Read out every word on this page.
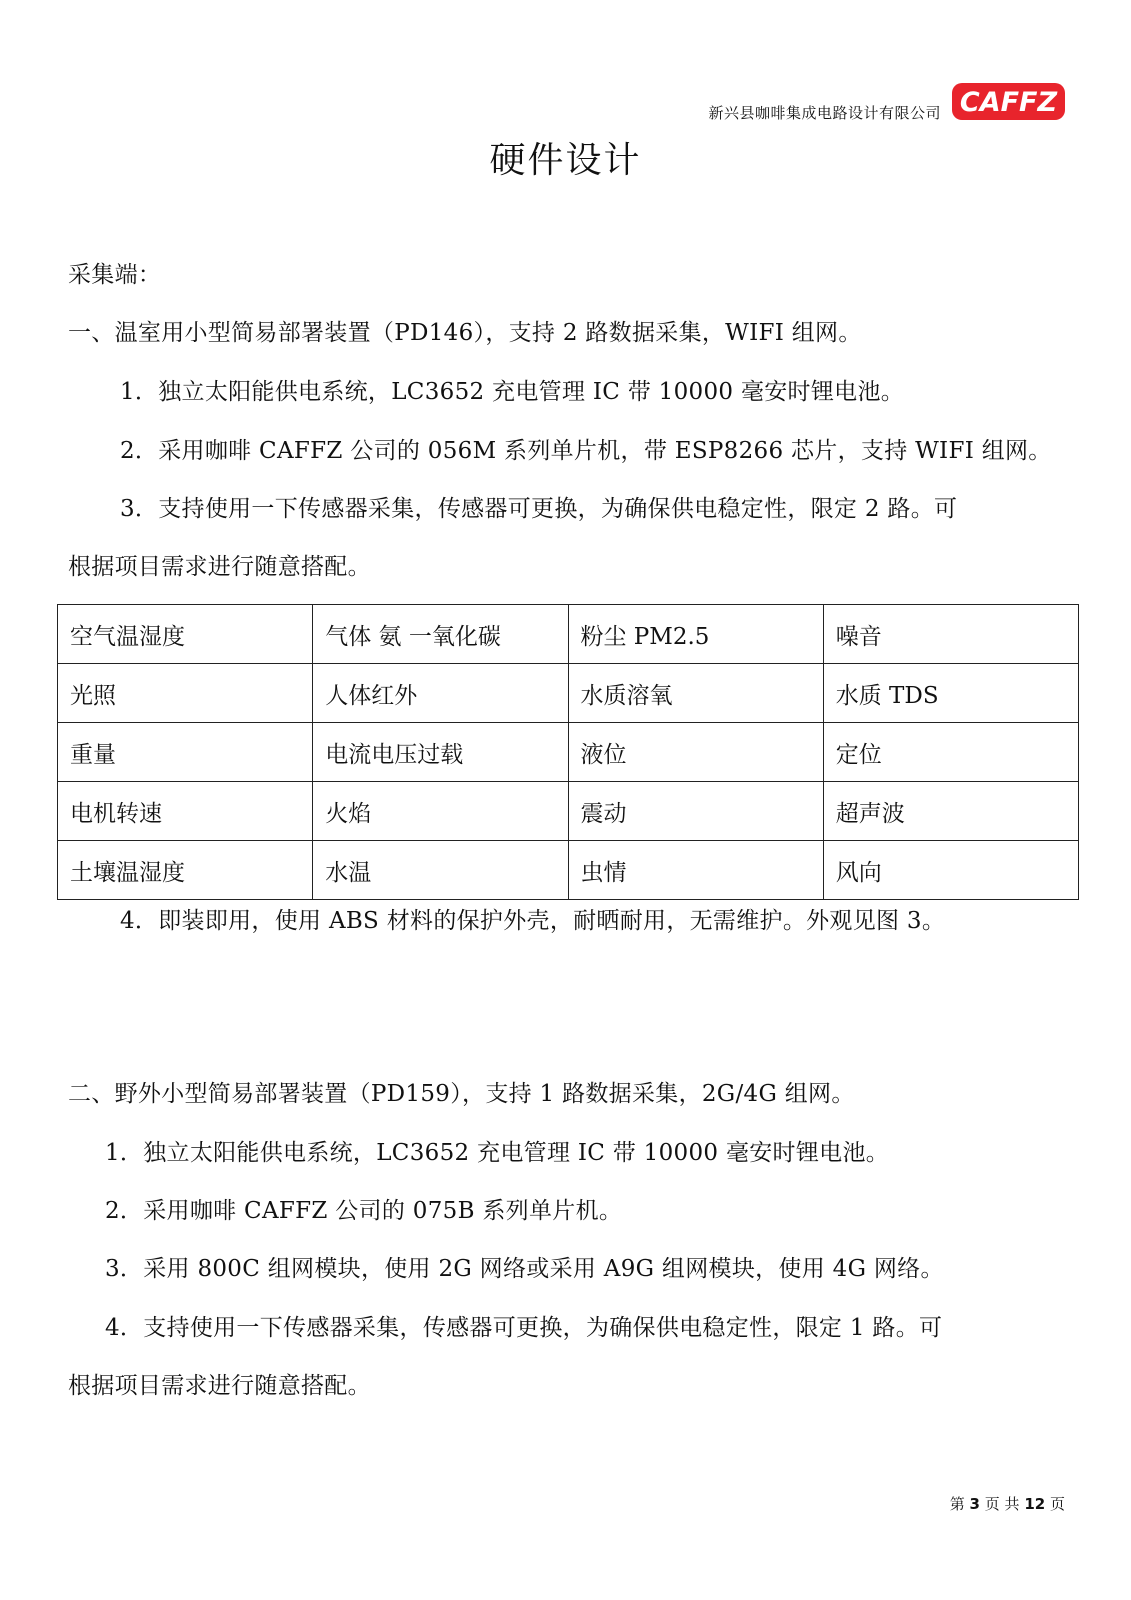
新兴县咖啡集成电路设计有限公司 CAFFZ
硬件设计
采集端：
一、温室用小型简易部署装置（PD146），支持 2 路数据采集，WIFI 组网。
1．独立太阳能供电系统，LC3652 充电管理 IC 带 10000 毫安时锂电池。
2．采用咖啡 CAFFZ 公司的 056M 系列单片机，带 ESP8266 芯片，支持 WIFI 组网。
3．支持使用一下传感器采集，传感器可更换，为确保供电稳定性，限定 2 路。可
根据项目需求进行随意搭配。
空气温湿度	气体 氨 一氧化碳	粉尘 PM2.5	噪音
光照	人体红外	水质溶氧	水质 TDS
重量	电流电压过载	液位	定位
电机转速	火焰	震动	超声波
土壤温湿度	水温	虫情	风向
4．即装即用，使用 ABS 材料的保护外壳，耐晒耐用，无需维护。外观见图 3。
二、野外小型简易部署装置（PD159），支持 1 路数据采集，2G/4G 组网。
1．独立太阳能供电系统，LC3652 充电管理 IC 带 10000 毫安时锂电池。
2．采用咖啡 CAFFZ 公司的 075B 系列单片机。
3．采用 800C 组网模块，使用 2G 网络或采用 A9G 组网模块，使用 4G 网络。
4．支持使用一下传感器采集，传感器可更换，为确保供电稳定性，限定 1 路。可
根据项目需求进行随意搭配。
第 3 页 共 12 页
